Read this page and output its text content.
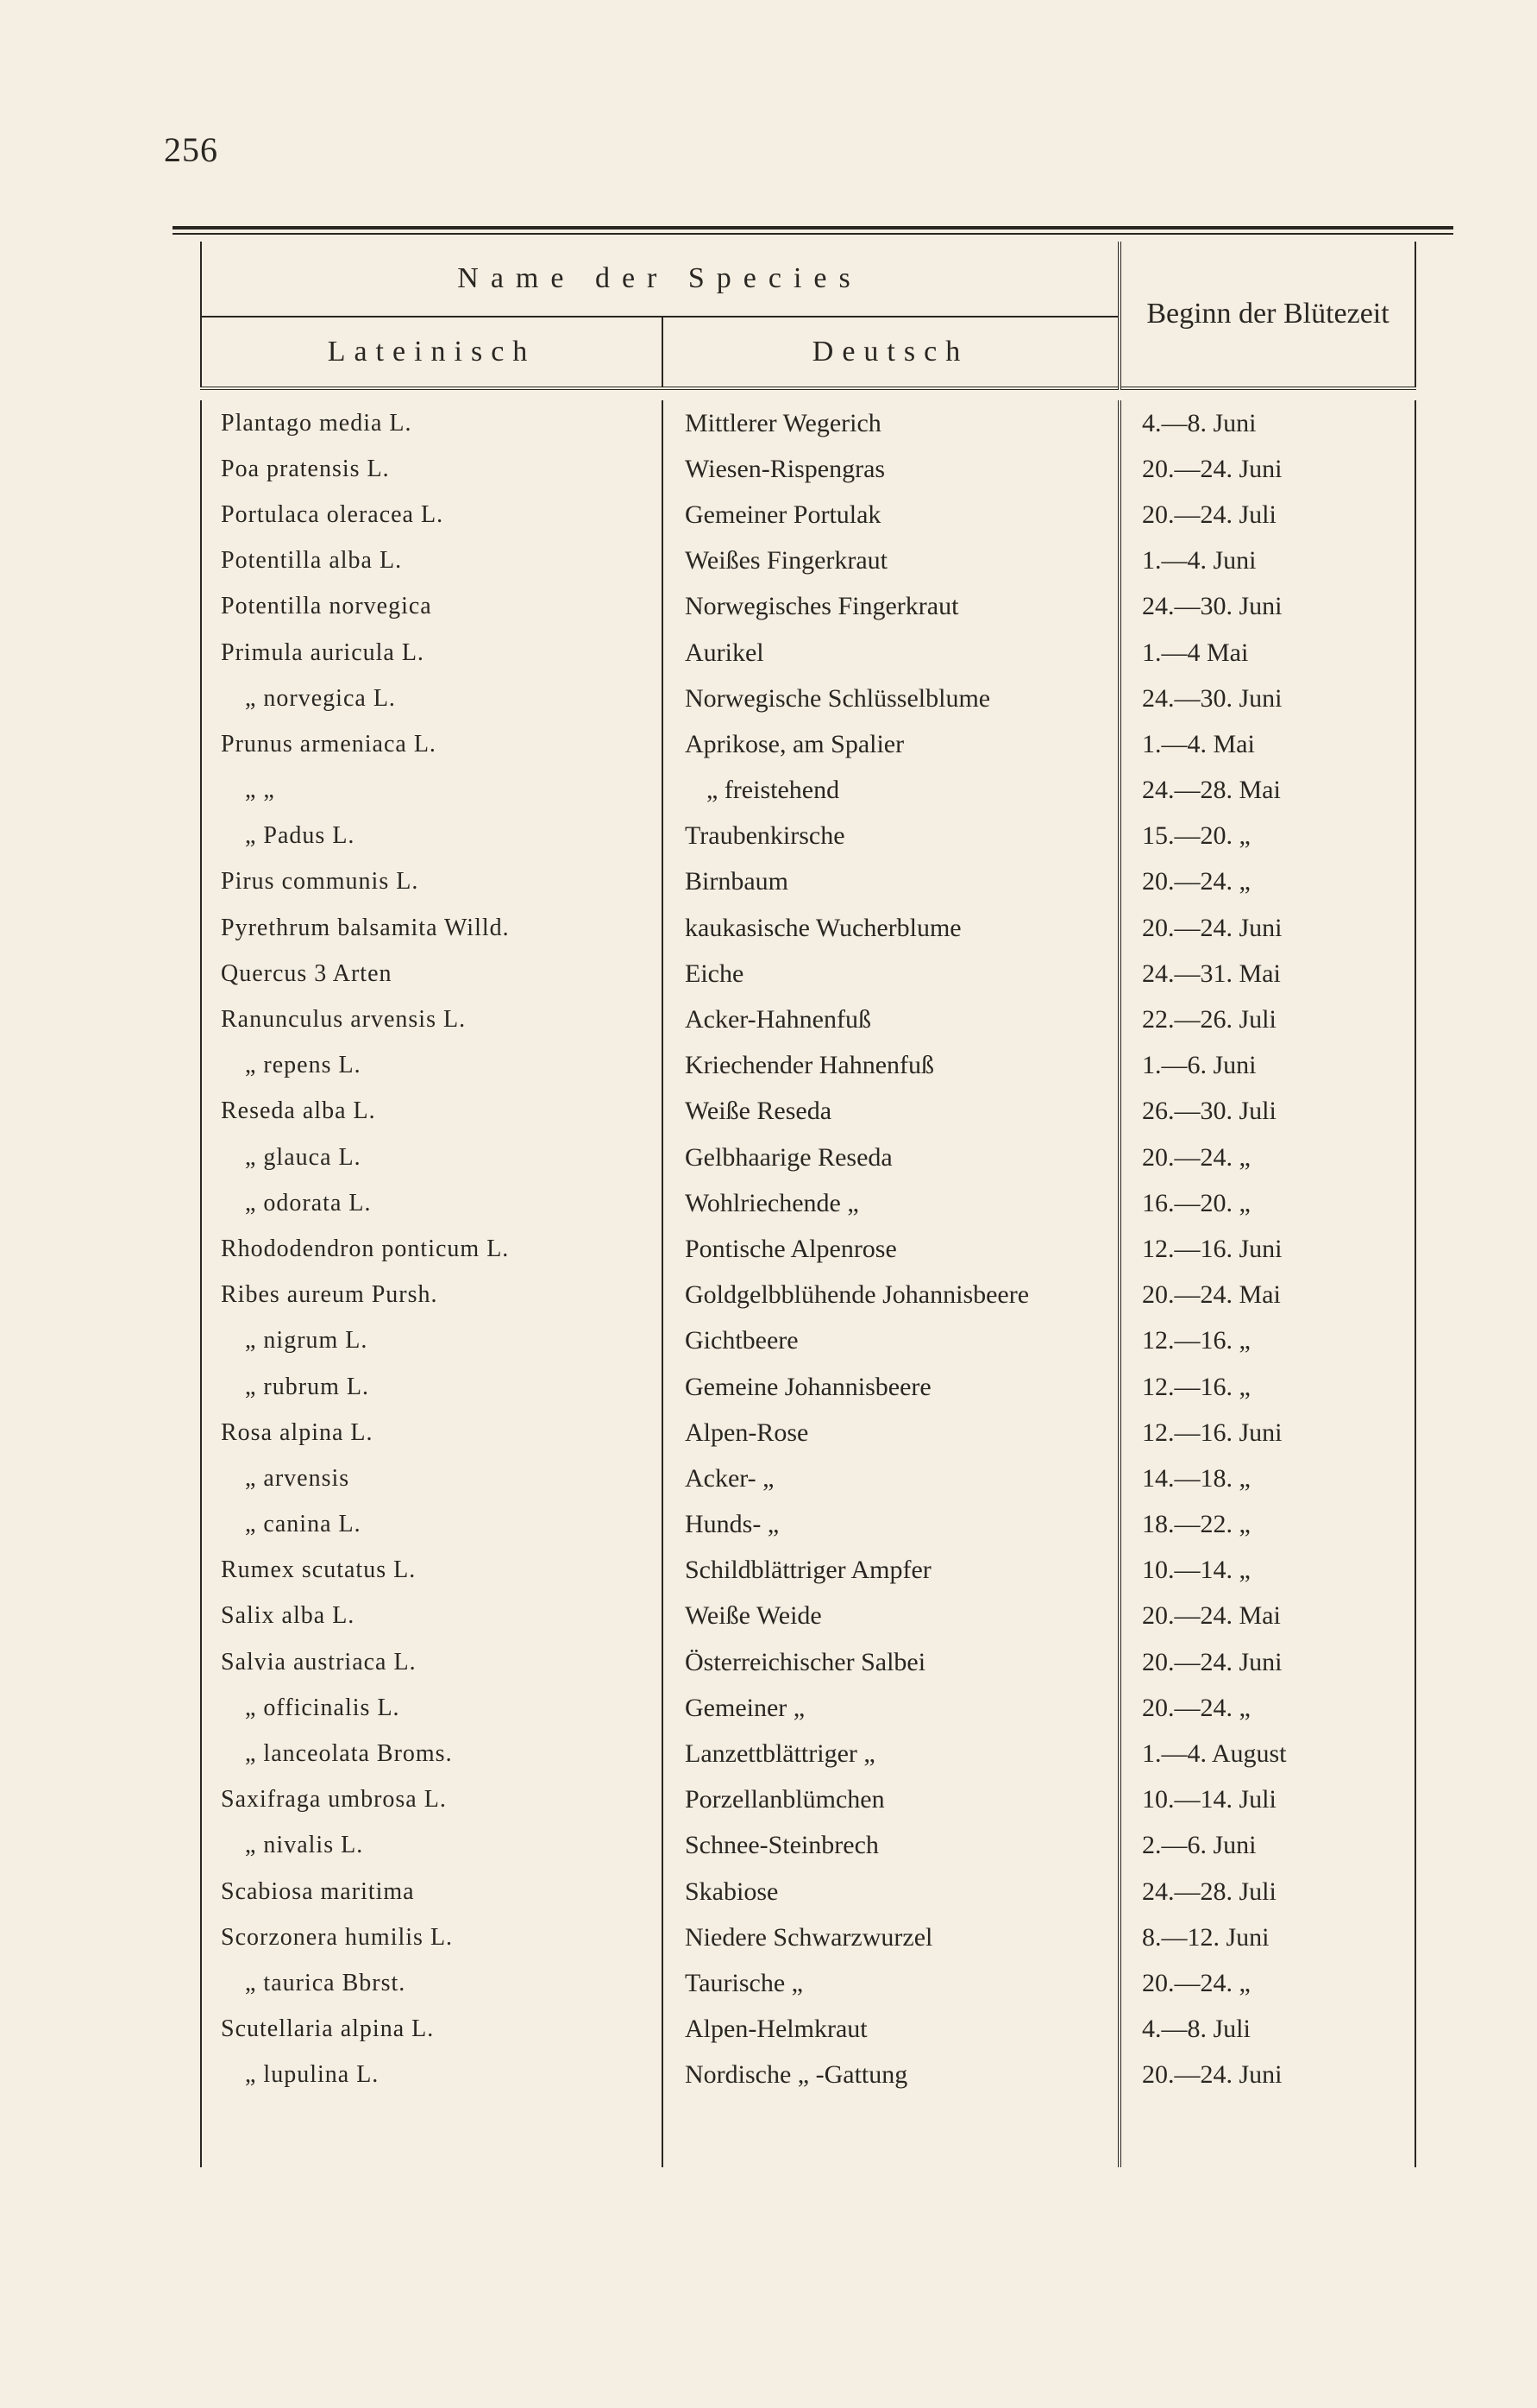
256
Name der Species		Beginn der Blütezeit
Lateinisch	Deutsch	

Plantago media L.	Mittlerer Wegerich	4.—8. Juni
Poa pratensis L.	Wiesen-Rispengras	20.—24. Juni
Portulaca oleracea L.	Gemeiner Portulak	20.—24. Juli
Potentilla alba L.	Weißes Fingerkraut	1.—4. Juni
Potentilla norvegica	Norwegisches Fingerkraut	24.—30. Juni
Primula auricula L.	Aurikel	1.—4 Mai
„ norvegica L.	Norwegische Schlüsselblume	24.—30. Juni
Prunus armeniaca L.	Aprikose, am Spalier	1.—4. Mai
„ „	„ freistehend	24.—28. Mai
„ Padus L.	Traubenkirsche	15.—20. „
Pirus communis L.	Birnbaum	20.—24. „
Pyrethrum balsamita Willd.	kaukasische Wucherblume	20.—24. Juni
Quercus 3 Arten	Eiche	24.—31. Mai
Ranunculus arvensis L.	Acker-Hahnenfuß	22.—26. Juli
„ repens L.	Kriechender Hahnenfuß	1.—6. Juni
Reseda alba L.	Weiße Reseda	26.—30. Juli
„ glauca L.	Gelbhaarige Reseda	20.—24. „
„ odorata L.	Wohlriechende „	16.—20. „
Rhododendron ponticum L.	Pontische Alpenrose	12.—16. Juni
Ribes aureum Pursh.	Goldgelbblühende Johannisbeere	20.—24. Mai
„ nigrum L.	Gichtbeere	12.—16. „
„ rubrum L.	Gemeine Johannisbeere	12.—16. „
Rosa alpina L.	Alpen-Rose	12.—16. Juni
„ arvensis	Acker- „	14.—18. „
„ canina L.	Hunds- „	18.—22. „
Rumex scutatus L.	Schildblättriger Ampfer	10.—14. „
Salix alba L.	Weiße Weide	20.—24. Mai
Salvia austriaca L.	Österreichischer Salbei	20.—24. Juni
„ officinalis L.	Gemeiner „	20.—24. „
„ lanceolata Broms.	Lanzettblättriger „	1.—4. August
Saxifraga umbrosa L.	Porzellanblümchen	10.—14. Juli
„ nivalis L.	Schnee-Steinbrech	2.—6. Juni
Scabiosa maritima	Skabiose	24.—28. Juli
Scorzonera humilis L.	Niedere Schwarzwurzel	8.—12. Juni
„ taurica Bbrst.	Taurische „	20.—24. „
Scutellaria alpina L.	Alpen-Helmkraut	4.—8. Juli
„ lupulina L.	Nordische „ -Gattung	20.—24. Juni
